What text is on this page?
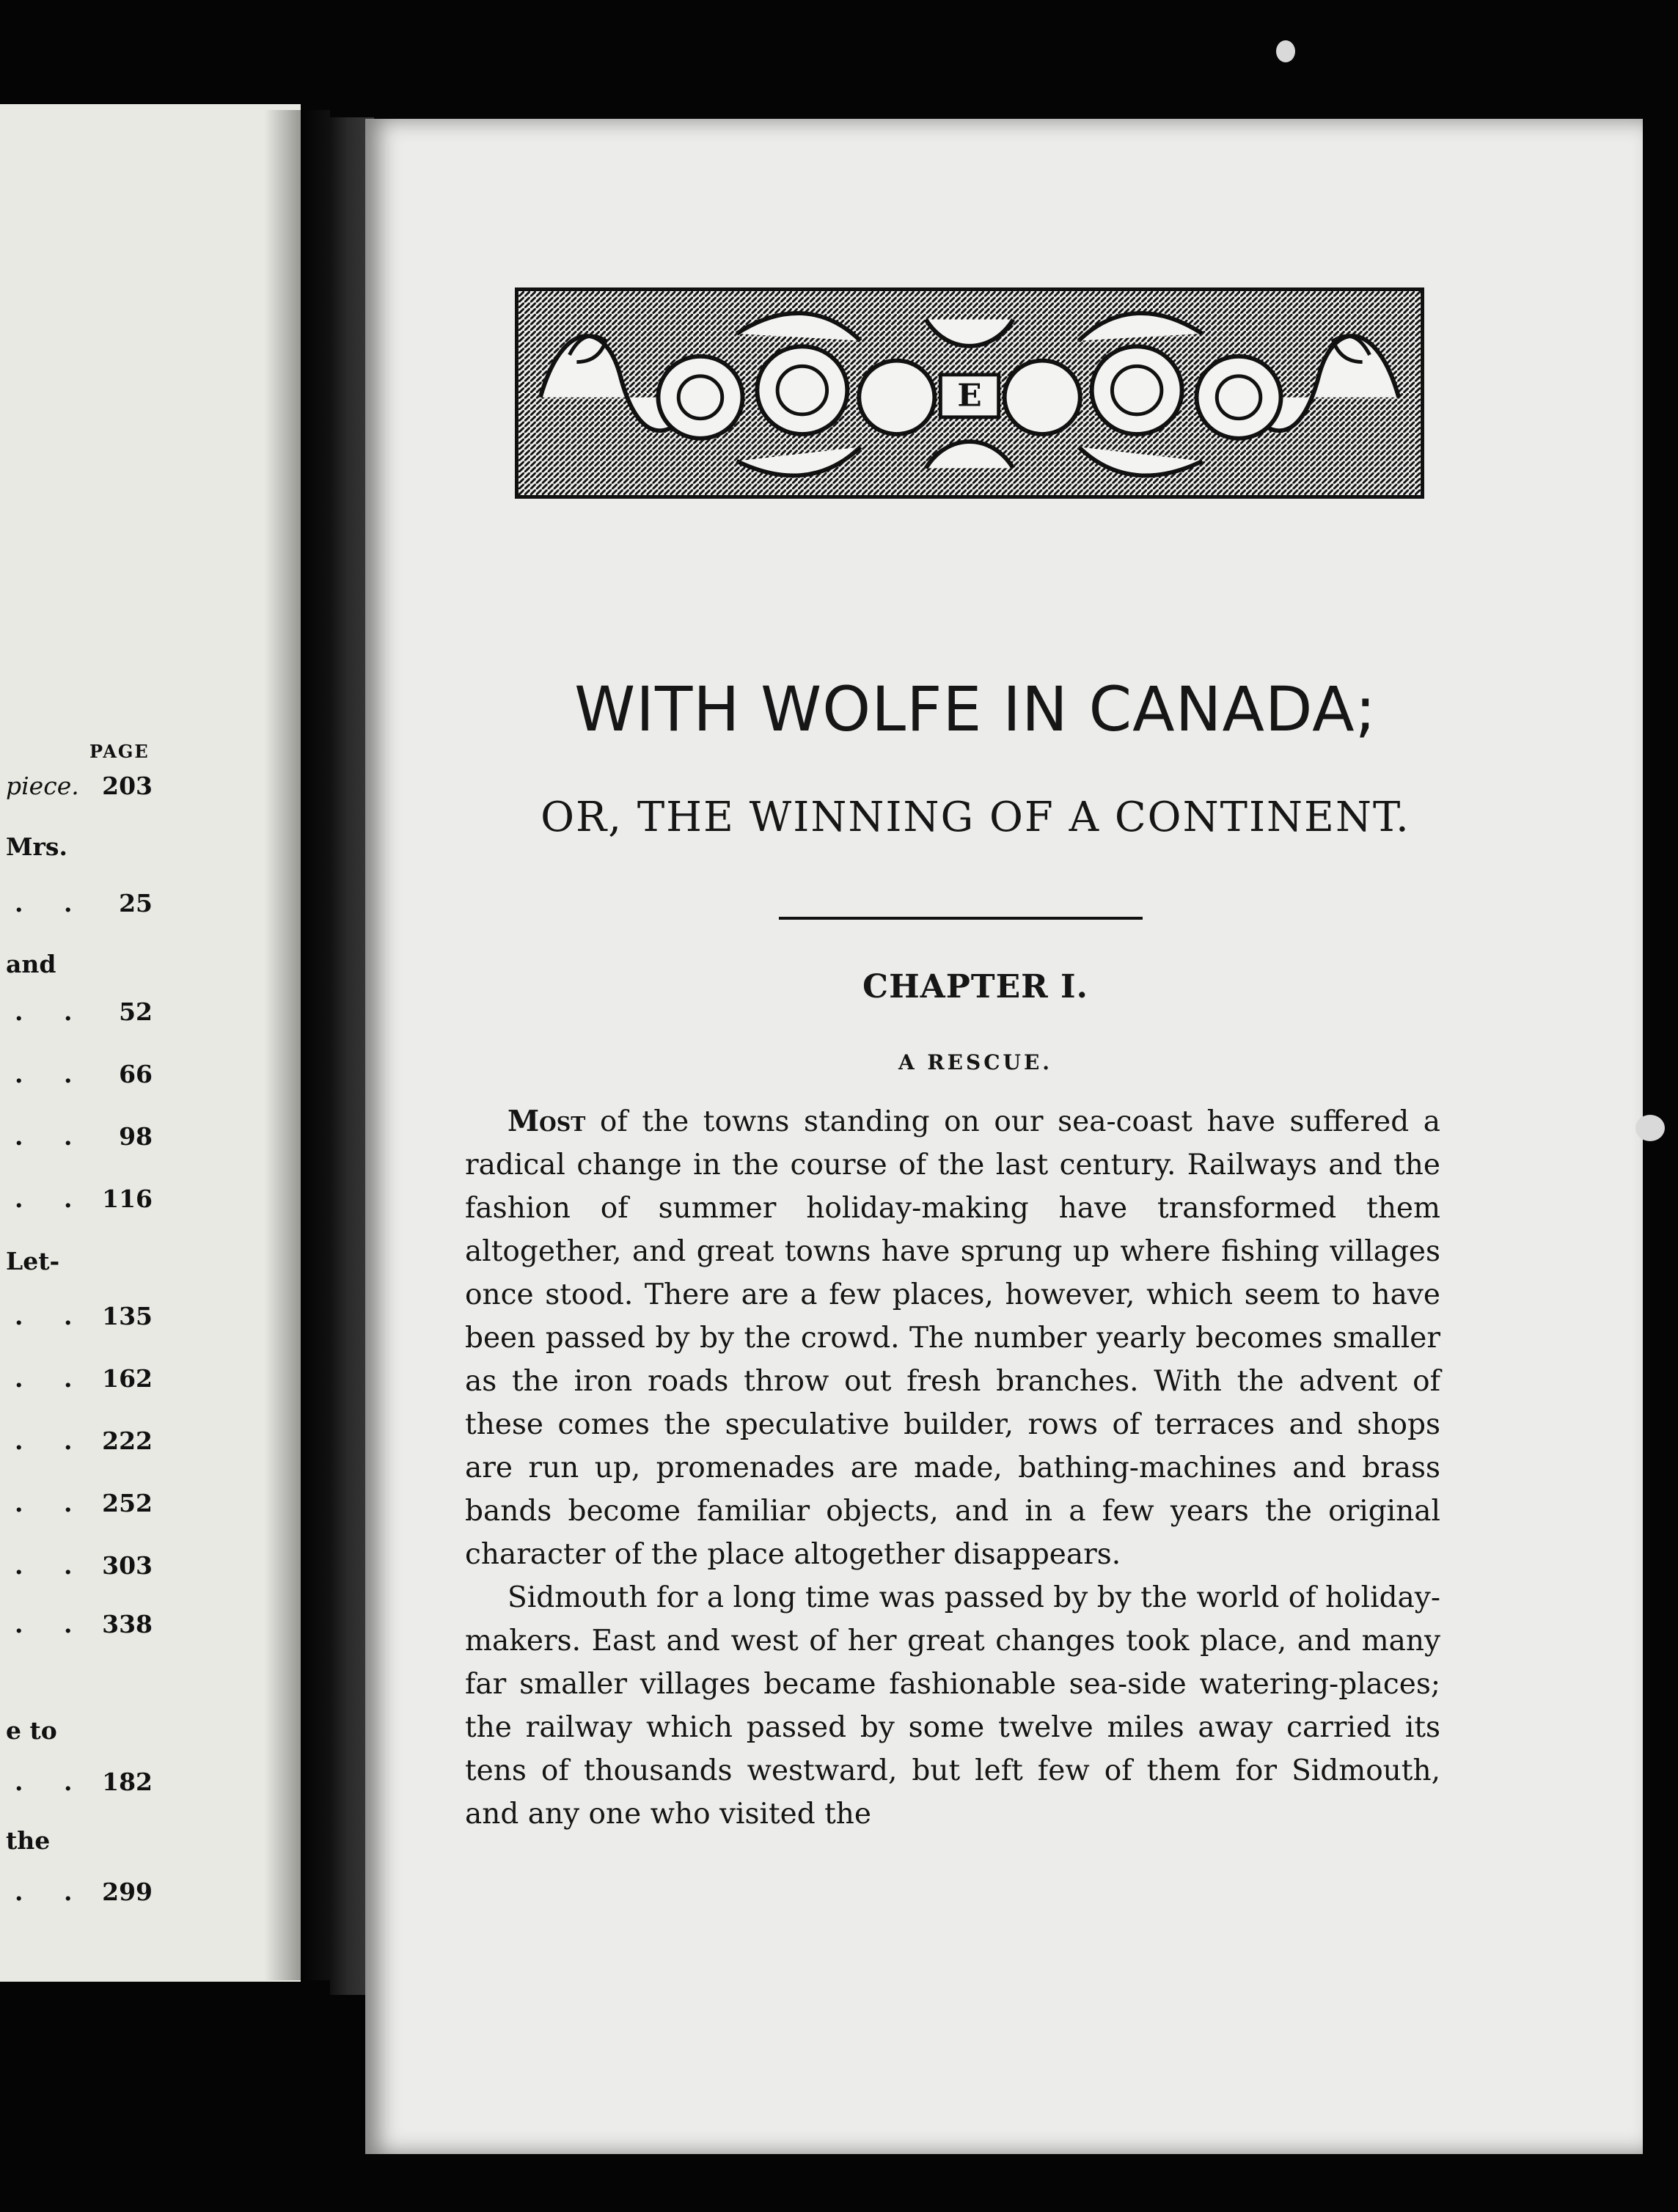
PAGE
piece. 203
Mrs.
. . 25
and
. . 52
. . 66
. . 98
. . 116
Let-
. . 135
. . 162
. . 222
. . 252
. . 303
. . 338
e to
. . 182
the
. . 299
E
WITH WOLFE IN CANADA;
OR, THE WINNING OF A CONTINENT.
CHAPTER I.
A RESCUE.

Most of the towns standing on our sea-coast have suffered a radical change in the course of the last century. Railways and the fashion of summer holiday-making have transformed them altogether, and great towns have sprung up where fishing villages once stood. There are a few places, however, which seem to have been passed by by the crowd. The number yearly becomes smaller as the iron roads throw out fresh branches. With the advent of these comes the speculative builder, rows of terraces and shops are run up, promenades are made, bathing-machines and brass bands become familiar objects, and in a few years the original character of the place altogether disappears.

Sidmouth for a long time was passed by by the world of holiday-makers. East and west of her great changes took place, and many far smaller villages became fashionable sea-side watering-places; the railway which passed by some twelve miles away carried its tens of thousands westward, but left few of them for Sidmouth, and any one who visited the
